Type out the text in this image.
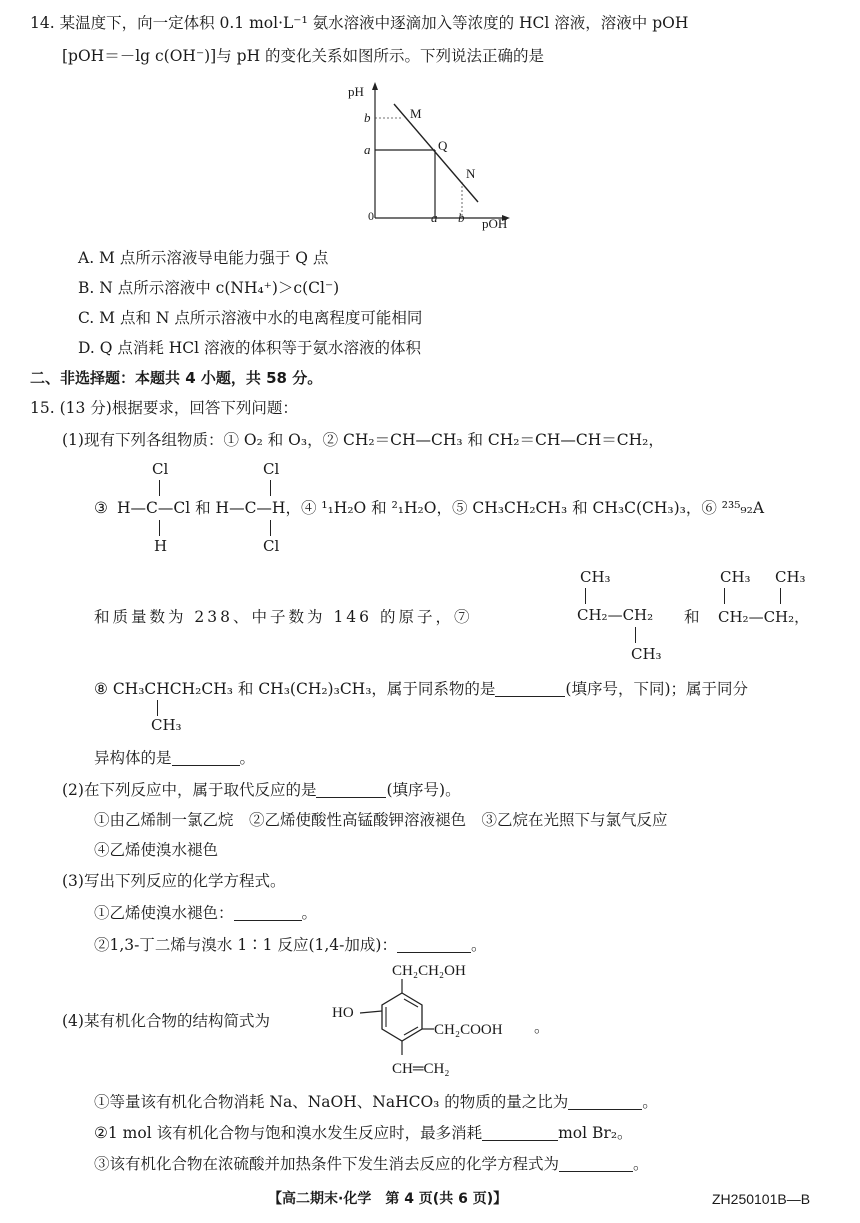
14. 某温度下，向一定体积 0.1 mol·L⁻¹ 氨水溶液中逐滴加入等浓度的 HCl 溶液，溶液中 pOH
[pOH＝－lg c(OH⁻)]与 pH 的变化关系如图所示。下列说法正确的是
pH
pOH
0
b
a
a b
M
Q
N
A. M 点所示溶液导电能力强于 Q 点
B. N 点所示溶液中 c(NH₄⁺)＞c(Cl⁻)
C. M 点和 N 点所示溶液中水的电离程度可能相同
D. Q 点消耗 HCl 溶液的体积等于氨水溶液的体积
二、非选择题：本题共 4 小题，共 58 分。
15. (13 分)根据要求，回答下列问题：
(1)现有下列各组物质：① O₂ 和 O₃，② CH₂＝CH—CH₃ 和 CH₂＝CH—CH＝CH₂，
Cl	Cl
③ H—C—Cl 和 H—C—H，④ ¹₁H₂O 和 ²₁H₂O，⑤ CH₃CH₂CH₃ 和 CH₃C(CH₃)₃，⑥ ²³⁵₉₂A
H	Cl
CH₃	CH₃ CH₃
和质量数为 238、中子数为 146 的原子，⑦	CH₂—CH₂ 和 CH₂—CH₂，
CH₃
⑧ CH₃CHCH₂CH₃ 和 CH₃(CH₂)₃CH₃，属于同系物的是	(填序号，下同)；属于同分
CH₃
异构体的是	。
(2)在下列反应中，属于取代反应的是	(填序号)。
①由乙烯制一氯乙烷　②乙烯使酸性高锰酸钾溶液褪色　③乙烷在光照下与氯气反应
④乙烯使溴水褪色
(3)写出下列反应的化学方程式。
①乙烯使溴水褪色：	。
②1,3-丁二烯与溴水 1∶1 反应(1,4-加成)：	。
(4)某有机化合物的结构简式为
CH₂CH₂OH
HO
CH₂COOH
CH═CH₂
。
①等量该有机化合物消耗 Na、NaOH、NaHCO₃ 的物质的量之比为	。
②1 mol 该有机化合物与饱和溴水发生反应时，最多消耗	mol Br₂。
③该有机化合物在浓硫酸并加热条件下发生消去反应的化学方程式为	。
【高二期末·化学　第 4 页(共 6 页)】	ZH250101B—B
